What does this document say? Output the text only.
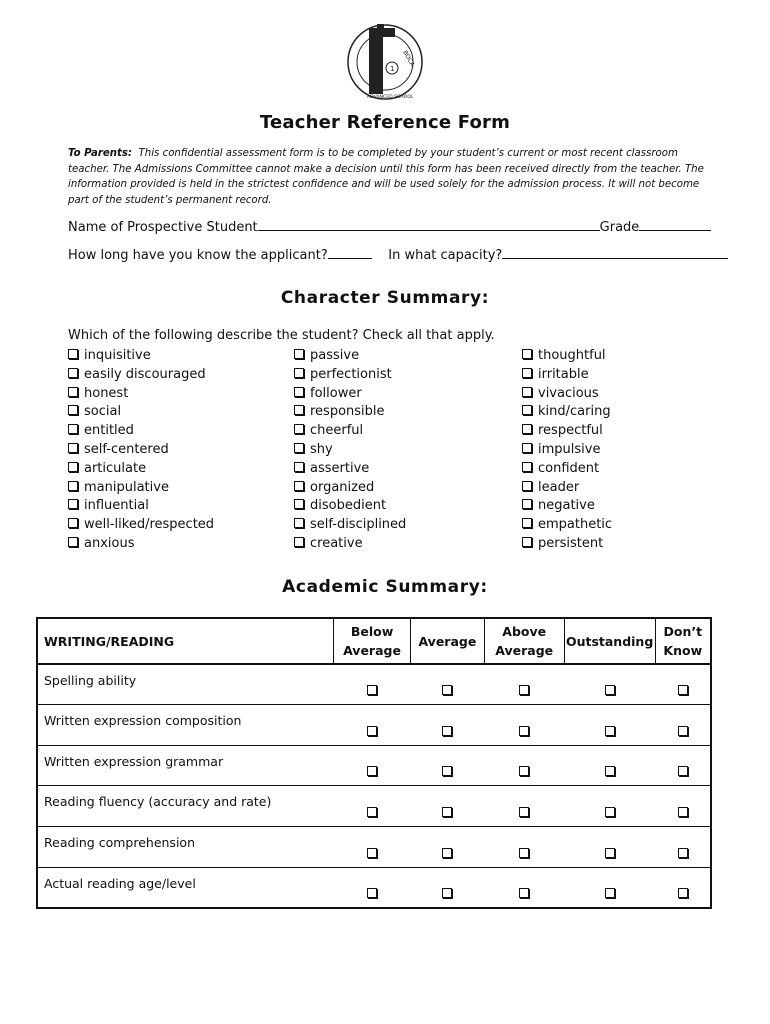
1
BOCA
ADVANCED SCHOOL
Teacher Reference Form
To Parents: This confidential assessment form is to be completed by your student’s current or most recent classroom teacher. The Admissions Committee cannot make a decision until this form has been received directly from the teacher. The information provided is held in the strictest confidence and will be used solely for the admission process. It will not become part of the student’s permanent record.
Name of Prospective Student	Grade
How long have you know the applicant?	In what capacity?
Character Summary:
Which of the following describe the student? Check all that apply.
inquisitive
easily discouraged
honest
social
entitled
self-centered
articulate
manipulative
influential
well-liked/respected
anxious
passive
perfectionist
follower
responsible
cheerful
shy
assertive
organized
disobedient
self-disciplined
creative
thoughtful
irritable
vivacious
kind/caring
respectful
impulsive
confident
leader
negative
empathetic
persistent
Academic Summary:
WRITING/READING	Below Average	Average	Above Average	Outstanding	Don’t Know
Spelling ability					
Written expression composition					
Written expression grammar					
Reading fluency (accuracy and rate)					
Reading comprehension					
Actual reading age/level					
